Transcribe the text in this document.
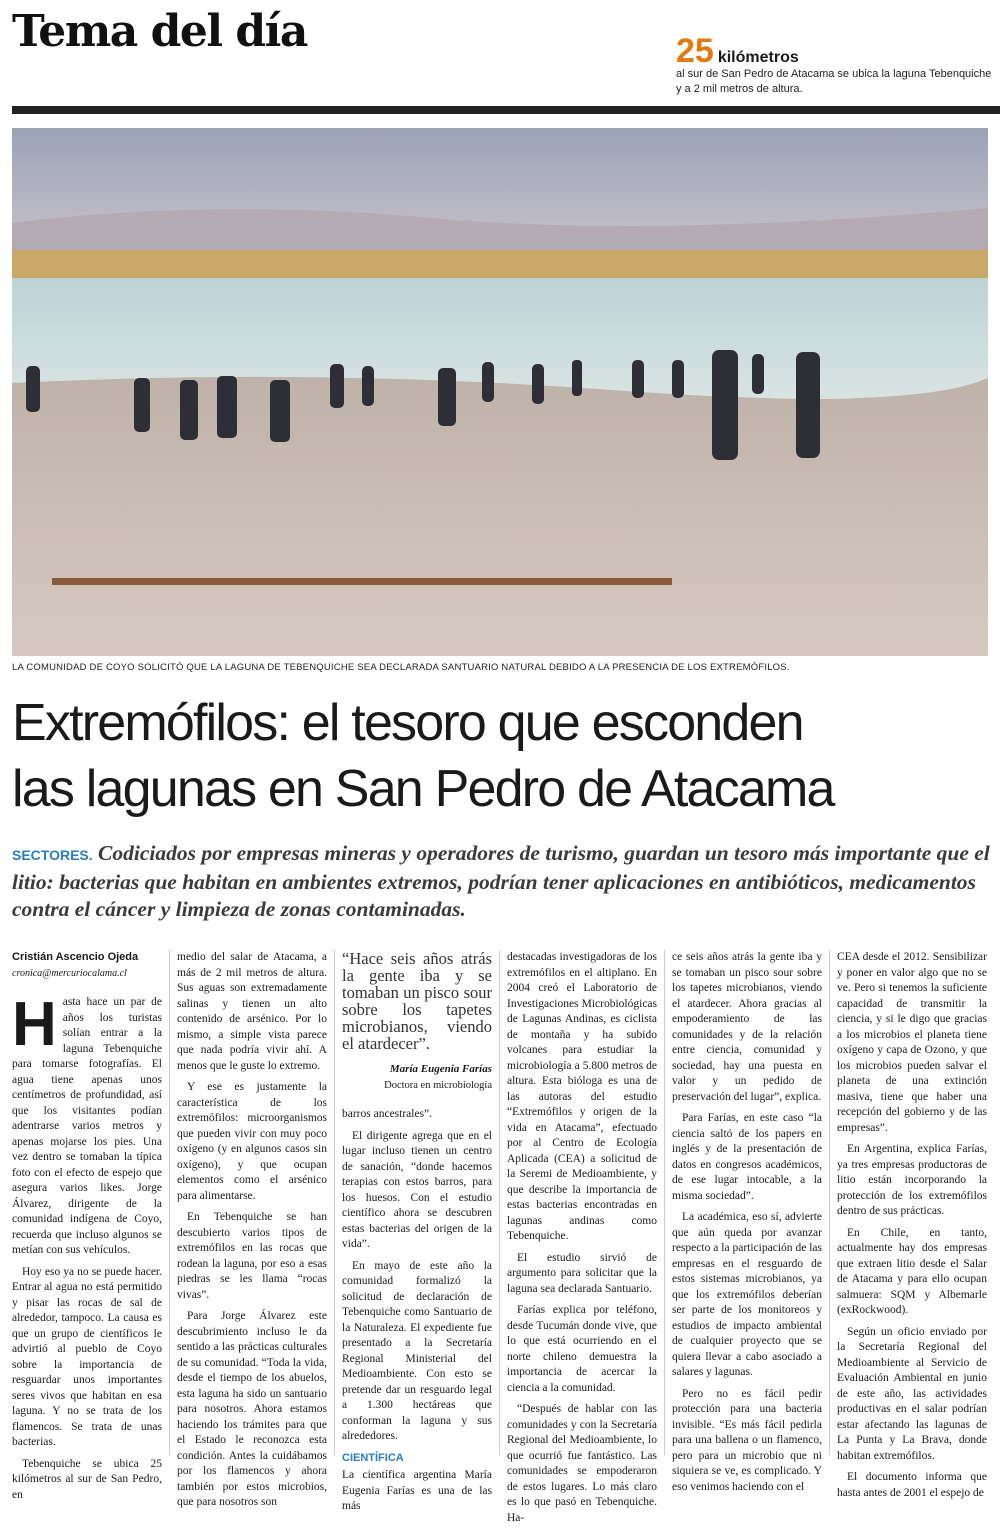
Tema del día	25 kilómetros
al sur de San Pedro de Atacama se ubica la laguna Tebenquiche y a 2 mil metros de altura.
LA COMUNIDAD DE COYO SOLICITÓ QUE LA LAGUNA DE TEBENQUICHE SEA DECLARADA SANTUARIO NATURAL DEBIDO A LA PRESENCIA DE LOS EXTREMÓFILOS.
Extremófilos: el tesoro que esconden
las lagunas en San Pedro de Atacama

SECTORES. Codiciados por empresas mineras y operadores de turismo, guardan un tesoro más importante que el litio: bacterias que habitan en ambientes extremos, podrían tener aplicaciones en antibióticos, medicamentos contra el cáncer y limpieza de zonas contaminadas.

Cristián Ascencio Ojeda
cronica@mercuriocalama.cl

Hasta hace un par de años los turistas solían entrar a la laguna Tebenquiche para tomarse fotografías. El agua tiene apenas unos centímetros de profundidad, así que los visitantes podían adentrarse varios metros y apenas mojarse los pies. Una vez dentro se tomaban la típica foto con el efecto de espejo que asegura varios likes. Jorge Álvarez, dirigente de la comunidad indígena de Coyo, recuerda que incluso algunos se metían con sus vehículos.

Hoy eso ya no se puede hacer. Entrar al agua no está permitido y pisar las rocas de sal de alrededor, tampoco. La causa es que un grupo de científicos le advirtió al pueblo de Coyo sobre la importancia de resguardar unos importantes seres vivos que habitan en esa laguna. Y no se trata de los flamencos. Se trata de unas bacterias.

Tebenquiche se ubica 25 kilómetros al sur de San Pedro, en

medio del salar de Atacama, a más de 2 mil metros de altura. Sus aguas son extremadamente salinas y tienen un alto contenido de arsénico. Por lo mismo, a simple vista parece que nada podría vivir ahí. A menos que le guste lo extremo.

Y ese es justamente la característica de los extremófilos: microorganismos que pueden vivir con muy poco oxígeno (y en algunos casos sin oxígeno), y que ocupan elementos como el arsénico para alimentarse.

En Tebenquiche se han descubierto varios tipos de extremófilos en las rocas que rodean la laguna, por eso a esas piedras se les llama “rocas vivas”.

Para Jorge Álvarez este descubrimiento incluso le da sentido a las prácticas culturales de su comunidad. “Toda la vida, desde el tiempo de los abuelos, esta laguna ha sido un santuario para nosotros. Ahora estamos haciendo los trámites para que el Estado le reconozca esta condición. Antes la cuidábamos por los flamencos y ahora también por estos microbios, que para nosotros son

“Hace seis años atrás la gente iba y se tomaban un pisco sour sobre los tapetes microbianos, viendo el atardecer”.
María Eugenia Farías
Doctora en microbiología

barros ancestrales”.

El dirigente agrega que en el lugar incluso tienen un centro de sanación, “donde hacemos terapias con estos barros, para los huesos. Con el estudio científico ahora se descubren estas bacterias del origen de la vida”.

En mayo de este año la comunidad formalizó la solicitud de declaración de Tebenquiche como Santuario de la Naturaleza. El expediente fue presentado a la Secretaría Regional Ministerial del Medioambiente. Con esto se pretende dar un resguardo legal a 1.300 hectáreas que conforman la laguna y sus alrededores.

CIENTÍFICA

La científica argentina María Eugenia Farías es una de las más

destacadas investigadoras de los extremófilos en el altiplano. En 2004 creó el Laboratorio de Investigaciones Microbiológicas de Lagunas Andinas, es ciclista de montaña y ha subido volcanes para estudiar la microbiología a 5.800 metros de altura. Esta bióloga es una de las autoras del estudio “Extremófilos y origen de la vida en Atacama”, efectuado por al Centro de Ecología Aplicada (CEA) a solicitud de la Seremi de Medioambiente, y que describe la importancia de estas bacterias encontradas en lagunas andinas como Tebenquiche.

El estudio sirvió de argumento para solicitar que la laguna sea declarada Santuario.

Farías explica por teléfono, desde Tucumán donde vive, que lo que está ocurriendo en el norte chileno demuestra la importancia de acercar la ciencia a la comunidad.

“Después de hablar con las comunidades y con la Secretaría Regional del Medioambiente, lo que ocurrió fue fantástico. Las comunidades se empoderaron de estos lugares. Lo más claro es lo que pasó en Tebenquiche. Ha-

ce seis años atrás la gente iba y se tomaban un pisco sour sobre los tapetes microbianos, viendo el atardecer. Ahora gracias al empoderamiento de las comunidades y de la relación entre ciencia, comunidad y sociedad, hay una puesta en valor y un pedido de preservación del lugar”, explica.

Para Farías, en este caso “la ciencia saltó de los papers en inglés y de la presentación de datos en congresos académicos, de ese lugar intocable, a la misma sociedad”.

La académica, eso sí, advierte que aún queda por avanzar respecto a la participación de las empresas en el resguardo de estos sistemas microbianos, ya que los extremófilos deberían ser parte de los monitoreos y estudios de impacto ambiental de cualquier proyecto que se quiera llevar a cabo asociado a salares y lagunas.

Pero no es fácil pedir protección para una bacteria invisible. “Es más fácil pedirla para una ballena o un flamenco, pero para un microbio que ni siquiera se ve, es complicado. Y eso venimos haciendo con el

CEA desde el 2012. Sensibilizar y poner en valor algo que no se ve. Pero si tenemos la suficiente capacidad de transmitir la ciencia, y si le digo que gracias a los microbios el planeta tiene oxígeno y capa de Ozono, y que los microbios pueden salvar el planeta de una extinción masiva, tiene que haber una recepción del gobierno y de las empresas”.

En Argentina, explica Farías, ya tres empresas productoras de litio están incorporando la protección de los extremófilos dentro de sus prácticas.

En Chile, en tanto, actualmente hay dos empresas que extraen litio desde el Salar de Atacama y para ello ocupan salmuera: SQM y Albemarle (exRockwood).

Según un oficio enviado por la Secretaría Regional del Medioambiente al Servicio de Evaluación Ambiental en junio de este año, las actividades productivas en el salar podrían estar afectando las lagunas de La Punta y La Brava, donde habitan extremófilos.

El documento informa que hasta antes de 2001 el espejo de
